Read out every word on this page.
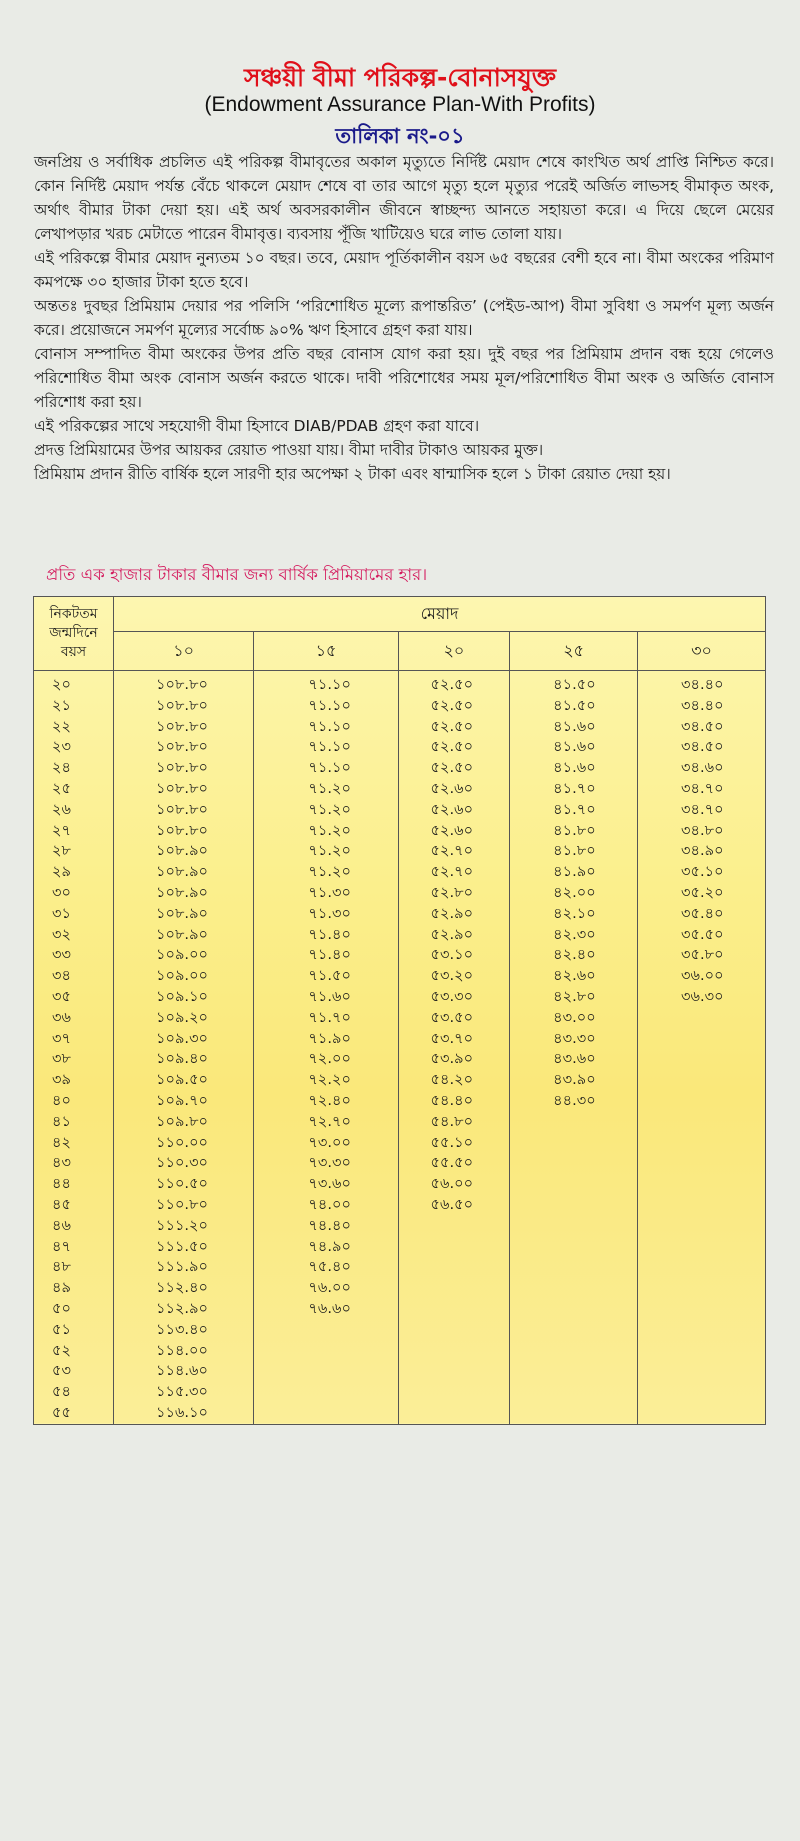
সঞ্চয়ী বীমা পরিকল্প-বোনাসযুক্ত
(Endowment Assurance Plan-With Profits)
তালিকা নং-০১

জনপ্রিয় ও সর্বাধিক প্রচলিত এই পরিকল্প বীমাবৃতের অকাল মৃত্যুতে নির্দিষ্ট মেয়াদ শেষে কাংখিত অর্থ প্রাপ্তি নিশ্চিত করে। কোন নির্দিষ্ট মেয়াদ পর্যন্ত বেঁচে থাকলে মেয়াদ শেষে বা তার আগে মৃত্যু হলে মৃত্যুর পরেই অর্জিত লাভসহ বীমাকৃত অংক, অর্থাৎ বীমার টাকা দেয়া হয়। এই অর্থ অবসরকালীন জীবনে স্বাচ্ছন্দ্য আনতে সহায়তা করে। এ দিয়ে ছেলে মেয়ের লেখাপড়ার খরচ মেটাতে পারেন বীমাবৃত্ত। ব্যবসায় পূঁজি খাটিয়েও ঘরে লাভ তোলা যায়।

এই পরিকল্পে বীমার মেয়াদ নুন্যতম ১০ বছর। তবে, মেয়াদ পূর্তিকালীন বয়স ৬৫ বছরের বেশী হবে না। বীমা অংকের পরিমাণ কমপক্ষে ৩০ হাজার টাকা হতে হবে।

অন্ততঃ দুবছর প্রিমিয়াম দেয়ার পর পলিসি ‘পরিশোধিত মূল্যে রূপান্তরিত’ (পেইড-আপ) বীমা সুবিধা ও সমর্পণ মূল্য অর্জন করে। প্রয়োজনে সমর্পণ মূল্যের সর্বোচ্চ ৯০% ঋণ হিসাবে গ্রহণ করা যায়।

বোনাস সম্পাদিত বীমা অংকের উপর প্রতি বছর বোনাস যোগ করা হয়। দুই বছর পর প্রিমিয়াম প্রদান বন্ধ হয়ে গেলেও পরিশোধিত বীমা অংক বোনাস অর্জন করতে থাকে। দাবী পরিশোধের সময় মূল/পরিশোধিত বীমা অংক ও অর্জিত বোনাস পরিশোধ করা হয়।

এই পরিকল্পের সাথে সহযোগী বীমা হিসাবে DIAB/PDAB গ্রহণ করা যাবে।

প্রদত্ত প্রিমিয়ামের উপর আয়কর রেয়াত পাওয়া যায়। বীমা দাবীর টাকাও আয়কর মুক্ত।

প্রিমিয়াম প্রদান রীতি বার্ষিক হলে সারণী হার অপেক্ষা ২ টাকা এবং ষান্মাসিক হলে ১ টাকা রেয়াত দেয়া হয়।

প্রতি এক হাজার টাকার বীমার জন্য বার্ষিক প্রিমিয়ামের হার।
নিকটতম জন্মদিনে বয়স	মেয়াদ				
	১০	১৫	২০	২৫	৩০
২০	১০৮.৮০	৭১.১০	৫২.৫০	৪১.৫০	৩৪.৪০
২১	১০৮.৮০	৭১.১০	৫২.৫০	৪১.৫০	৩৪.৪০
২২	১০৮.৮০	৭১.১০	৫২.৫০	৪১.৬০	৩৪.৫০
২৩	১০৮.৮০	৭১.১০	৫২.৫০	৪১.৬০	৩৪.৫০
২৪	১০৮.৮০	৭১.১০	৫২.৫০	৪১.৬০	৩৪.৬০
২৫	১০৮.৮০	৭১.২০	৫২.৬০	৪১.৭০	৩৪.৭০
২৬	১০৮.৮০	৭১.২০	৫২.৬০	৪১.৭০	৩৪.৭০
২৭	১০৮.৮০	৭১.২০	৫২.৬০	৪১.৮০	৩৪.৮০
২৮	১০৮.৯০	৭১.২০	৫২.৭০	৪১.৮০	৩৪.৯০
২৯	১০৮.৯০	৭১.২০	৫২.৭০	৪১.৯০	৩৫.১০
৩০	১০৮.৯০	৭১.৩০	৫২.৮০	৪২.০০	৩৫.২০
৩১	১০৮.৯০	৭১.৩০	৫২.৯০	৪২.১০	৩৫.৪০
৩২	১০৮.৯০	৭১.৪০	৫২.৯০	৪২.৩০	৩৫.৫০
৩৩	১০৯.০০	৭১.৪০	৫৩.১০	৪২.৪০	৩৫.৮০
৩৪	১০৯.০০	৭১.৫০	৫৩.২০	৪২.৬০	৩৬.০০
৩৫	১০৯.১০	৭১.৬০	৫৩.৩০	৪২.৮০	৩৬.৩০
৩৬	১০৯.২০	৭১.৭০	৫৩.৫০	৪৩.০০	
৩৭	১০৯.৩০	৭১.৯০	৫৩.৭০	৪৩.৩০	
৩৮	১০৯.৪০	৭২.০০	৫৩.৯০	৪৩.৬০	
৩৯	১০৯.৫০	৭২.২০	৫৪.২০	৪৩.৯০	
৪০	১০৯.৭০	৭২.৪০	৫৪.৪০	৪৪.৩০	
৪১	১০৯.৮০	৭২.৭০	৫৪.৮০		
৪২	১১০.০০	৭৩.০০	৫৫.১০		
৪৩	১১০.৩০	৭৩.৩০	৫৫.৫০		
৪৪	১১০.৫০	৭৩.৬০	৫৬.০০		
৪৫	১১০.৮০	৭৪.০০	৫৬.৫০		
৪৬	১১১.২০	৭৪.৪০			
৪৭	১১১.৫০	৭৪.৯০			
৪৮	১১১.৯০	৭৫.৪০			
৪৯	১১২.৪০	৭৬.০০			
৫০	১১২.৯০	৭৬.৬০			
৫১	১১৩.৪০				
৫২	১১৪.০০				
৫৩	১১৪.৬০				
৫৪	১১৫.৩০				
৫৫	১১৬.১০				
